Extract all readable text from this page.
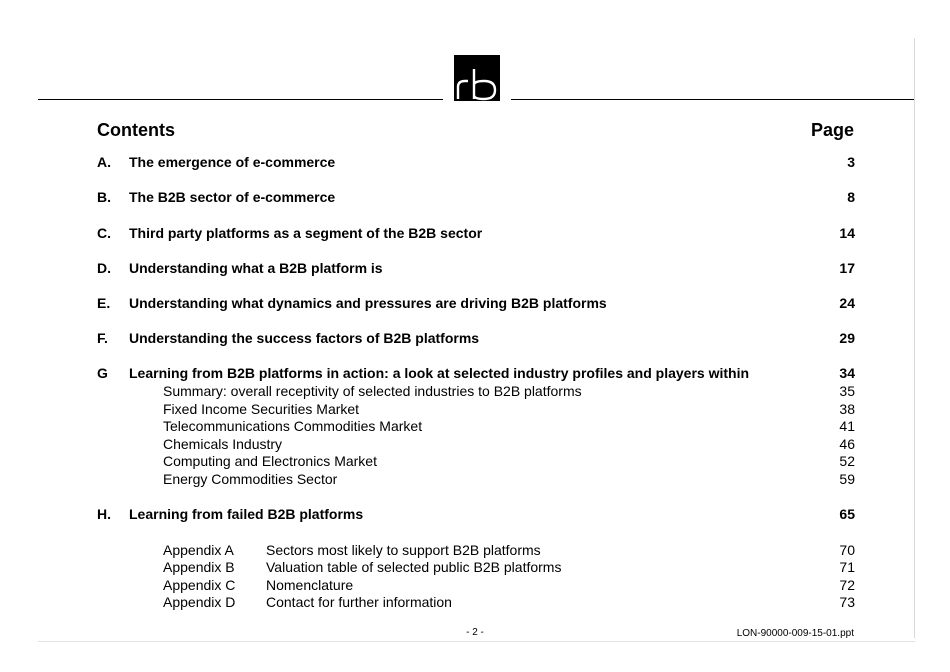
Contents	Page
A. The emergence of e-commerce	3
B. The B2B sector of e-commerce	8
C. Third party platforms as a segment of the B2B sector	14
D. Understanding what a B2B platform is	17
E. Understanding what dynamics and pressures are driving B2B platforms	24
F. Understanding the success factors of B2B platforms	29
G Learning from B2B platforms in action: a look at selected industry profiles and players within	34
Summary: overall receptivity of selected industries to B2B platforms	35
Fixed Income Securities Market	38
Telecommunications Commodities Market	41
Chemicals Industry	46
Computing and Electronics Market	52
Energy Commodities Sector	59
H. Learning from failed B2B platforms	65
Appendix A Sectors most likely to support B2B platforms	70
Appendix B Valuation table of selected public B2B platforms	71
Appendix C Nomenclature	72
Appendix D Contact for further information	73
- 2 -	LON-90000-009-15-01.ppt
